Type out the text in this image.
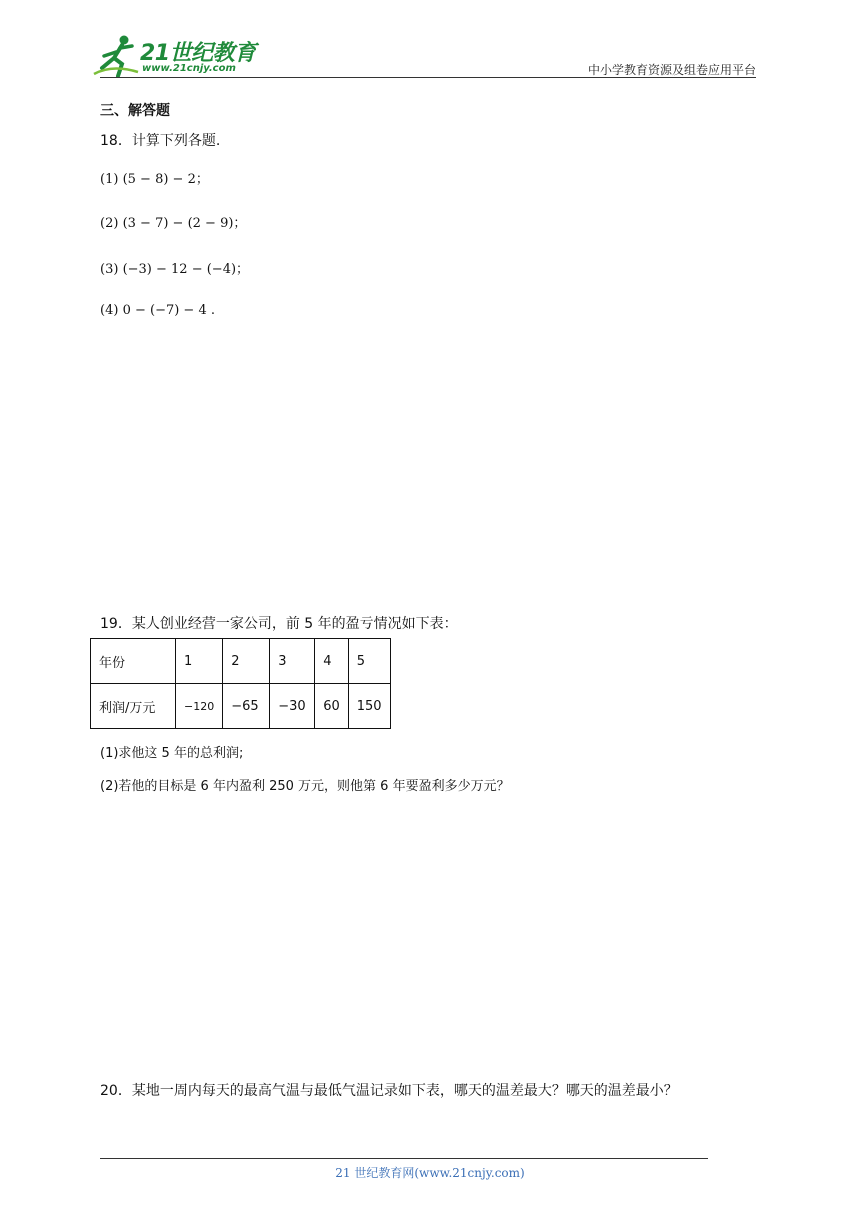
21世纪教育
www.21cnjy.com	中小学教育资源及组卷应用平台
三、解答题
18．计算下列各题.
(1) (5 − 8) − 2；
(2) (3 − 7) − (2 − 9)；
(3) (−3) − 12 − (−4)；
(4) 0 − (−7) − 4 .
19．某人创业经营一家公司，前 5 年的盈亏情况如下表：
年份	1	2	3	4	5
利润/万元	−120	−65	−30	60	150
(1)求他这 5 年的总利润;
(2)若他的目标是 6 年内盈利 250 万元，则他第 6 年要盈利多少万元？
20．某地一周内每天的最高气温与最低气温记录如下表，哪天的温差最大？哪天的温差最小？
21 世纪教育网(www.21cnjy.com)
